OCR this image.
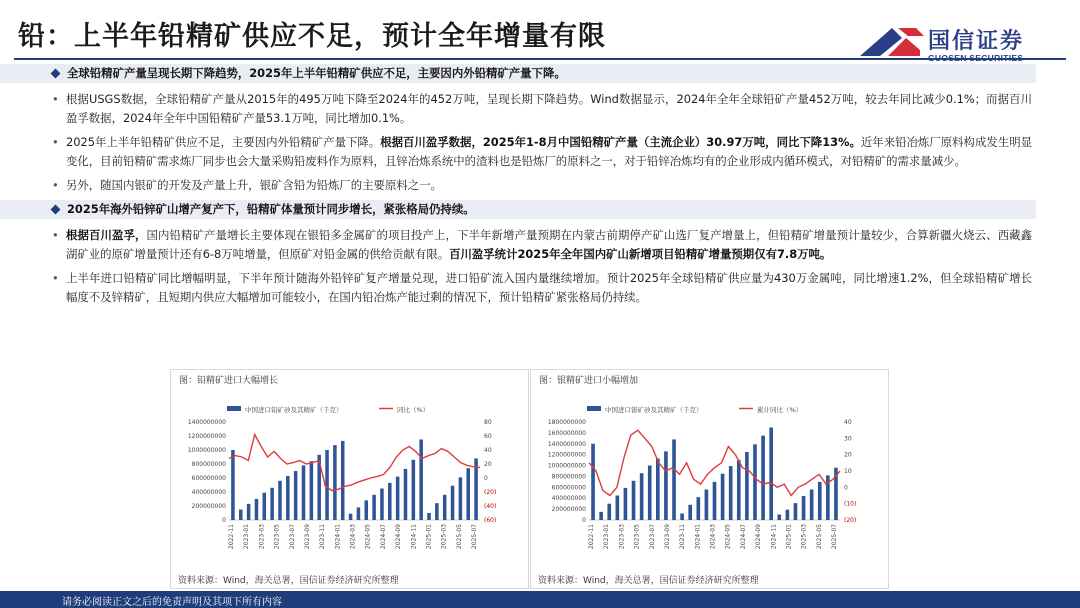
铅：上半年铅精矿供应不足，预计全年增量有限	国信证券
GUOSEN SECURITIES
全球铅精矿产量呈现长期下降趋势，2025年上半年铅精矿供应不足，主要因内外铅精矿产量下降。
• 根据USGS数据，全球铅精矿产量从2015年的495万吨下降至2024年的452万吨，呈现长期下降趋势。Wind数据显示，2024年全年全球铅矿产量452万吨，较去年同比减少0.1%；而据百川盈孚数据，2024年全年中国铅精矿产量53.1万吨，同比增加0.1%。
• 2025年上半年铅精矿供应不足，主要因内外铅精矿产量下降。根据百川盈孚数据，2025年1-8月中国铅精矿产量（主流企业）30.97万吨，同比下降13%。近年来铅冶炼厂原料构成发生明显变化，目前铅精矿需求炼厂同步也会大量采购铅废料作为原料，且锌冶炼系统中的渣料也是铅炼厂的原料之一，对于铅锌冶炼均有的企业形成内循环模式，对铅精矿的需求量减少。
• 另外，随国内银矿的开发及产量上升，银矿含铅为铅炼厂的主要原料之一。
2025年海外铅锌矿山增产复产下，铅精矿体量预计同步增长，紧张格局仍持续。
• 根据百川盈孚，国内铅精矿产量增长主要体现在银铅多金属矿的项目投产上，下半年新增产量预期在内蒙古前期停产矿山选厂复产增量上，但铅精矿增量预计量较少，合算新疆火烧云、西藏鑫湖矿业的原矿增量预计还有6-8万吨增量，但原矿对铅金属的供给贡献有限。百川盈孚统计2025年全年国内矿山新增项目铅精矿增量预期仅有7.8万吨。
• 上半年进口铅精矿同比增幅明显，下半年预计随海外铅锌矿复产增量兑现，进口铅矿流入国内量继续增加。预计2025年全球铅精矿供应量为430万金属吨，同比增速1.2%，但全球铅精矿增长幅度不及锌精矿，且短期内供应大幅增加可能较小，在国内铅冶炼产能过剩的情况下，预计铅精矿紧张格局仍持续。
图：铅精矿进口大幅增长
中国进口铅矿砂及其精矿（千克）	同比（%）
0
200000000
400000000
600000000
800000000
1000000000
1200000000
1400000000
(60)
(40)
(20)
0
20
40
60
80
2022-11 2023-01 2023-03 2023-05 2023-07 2023-09 2023-11 2024-01 2024-03 2024-05 2024-07 2024-09 2024-11 2025-01 2025-03 2025-05 2025-07
资料来源：Wind，海关总署，国信证券经济研究所整理
图：银精矿进口小幅增加
中国进口银矿砂及其精矿（千克）	累计同比（%）
0
200000000
400000000
600000000
800000000
1000000000
1200000000
1400000000
1600000000
1800000000
(20)
(10)
0
10
20
30
40
2022-11 2023-01 2023-03 2023-05 2023-07 2023-09 2023-11 2024-01 2024-03 2024-05 2024-07 2024-09 2024-11 2025-01 2025-03 2025-05 2025-07
资料来源：Wind，海关总署，国信证券经济研究所整理
请务必阅读正文之后的免责声明及其项下所有内容
